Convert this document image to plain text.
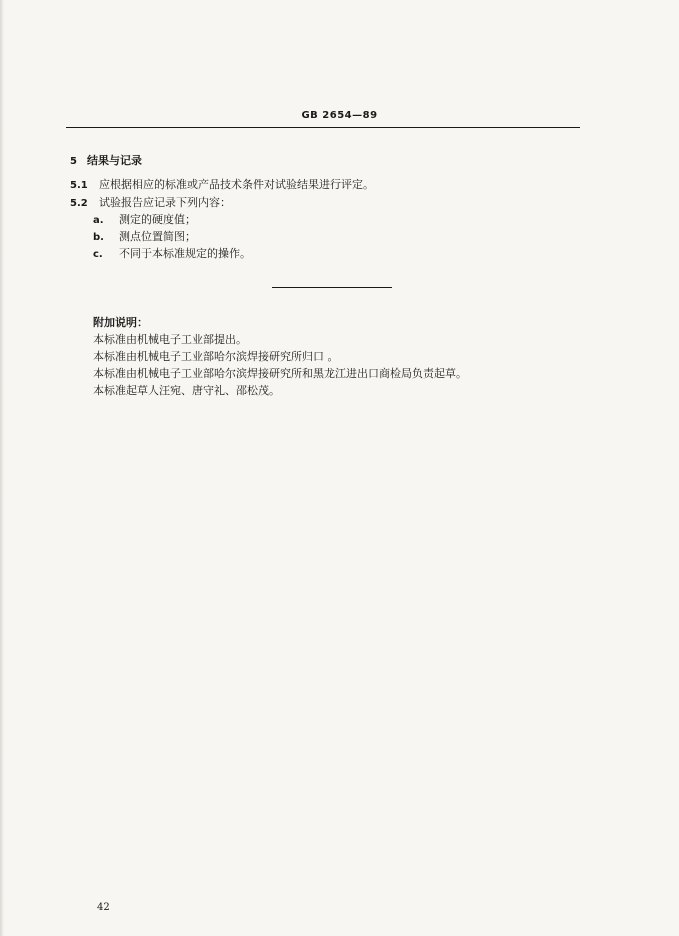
GB 2654—89
5 结果与记录
5.1 应根据相应的标准或产品技术条件对试验结果进行评定。
5.2 试验报告应记录下列内容：
a. 测定的硬度值；
b. 测点位置简图；
c. 不同于本标准规定的操作。
附加说明：
本标准由机械电子工业部提出。
本标准由机械电子工业部哈尔滨焊接研究所归口 。
本标准由机械电子工业部哈尔滨焊接研究所和黑龙江进出口商检局负责起草。
本标准起草人汪宛、唐守礼、邵松茂。
42
